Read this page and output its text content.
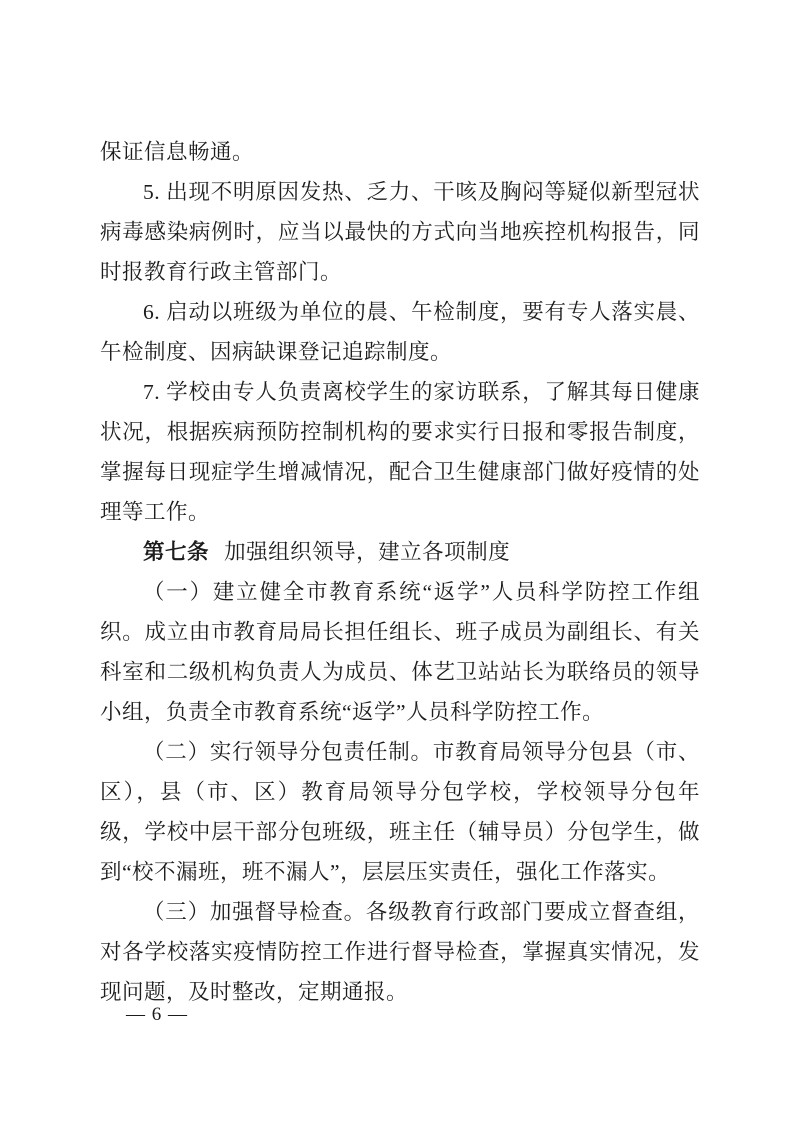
保证信息畅通。

5. 出现不明原因发热、乏力、干咳及胸闷等疑似新型冠状病毒感染病例时，应当以最快的方式向当地疾控机构报告，同时报教育行政主管部门。

6. 启动以班级为单位的晨、午检制度，要有专人落实晨、午检制度、因病缺课登记追踪制度。

7. 学校由专人负责离校学生的家访联系，了解其每日健康状况，根据疾病预防控制机构的要求实行日报和零报告制度，掌握每日现症学生增减情况，配合卫生健康部门做好疫情的处理等工作。

第七条 加强组织领导，建立各项制度

（一）建立健全市教育系统“返学”人员科学防控工作组织。成立由市教育局局长担任组长、班子成员为副组长、有关科室和二级机构负责人为成员、体艺卫站站长为联络员的领导小组，负责全市教育系统“返学”人员科学防控工作。

（二）实行领导分包责任制。市教育局领导分包县（市、区），县（市、区）教育局领导分包学校，学校领导分包年级，学校中层干部分包班级，班主任（辅导员）分包学生，做到“校不漏班，班不漏人”，层层压实责任，强化工作落实。

（三）加强督导检查。各级教育行政部门要成立督查组，对各学校落实疫情防控工作进行督导检查，掌握真实情况，发现问题，及时整改，定期通报。

— 6 —
